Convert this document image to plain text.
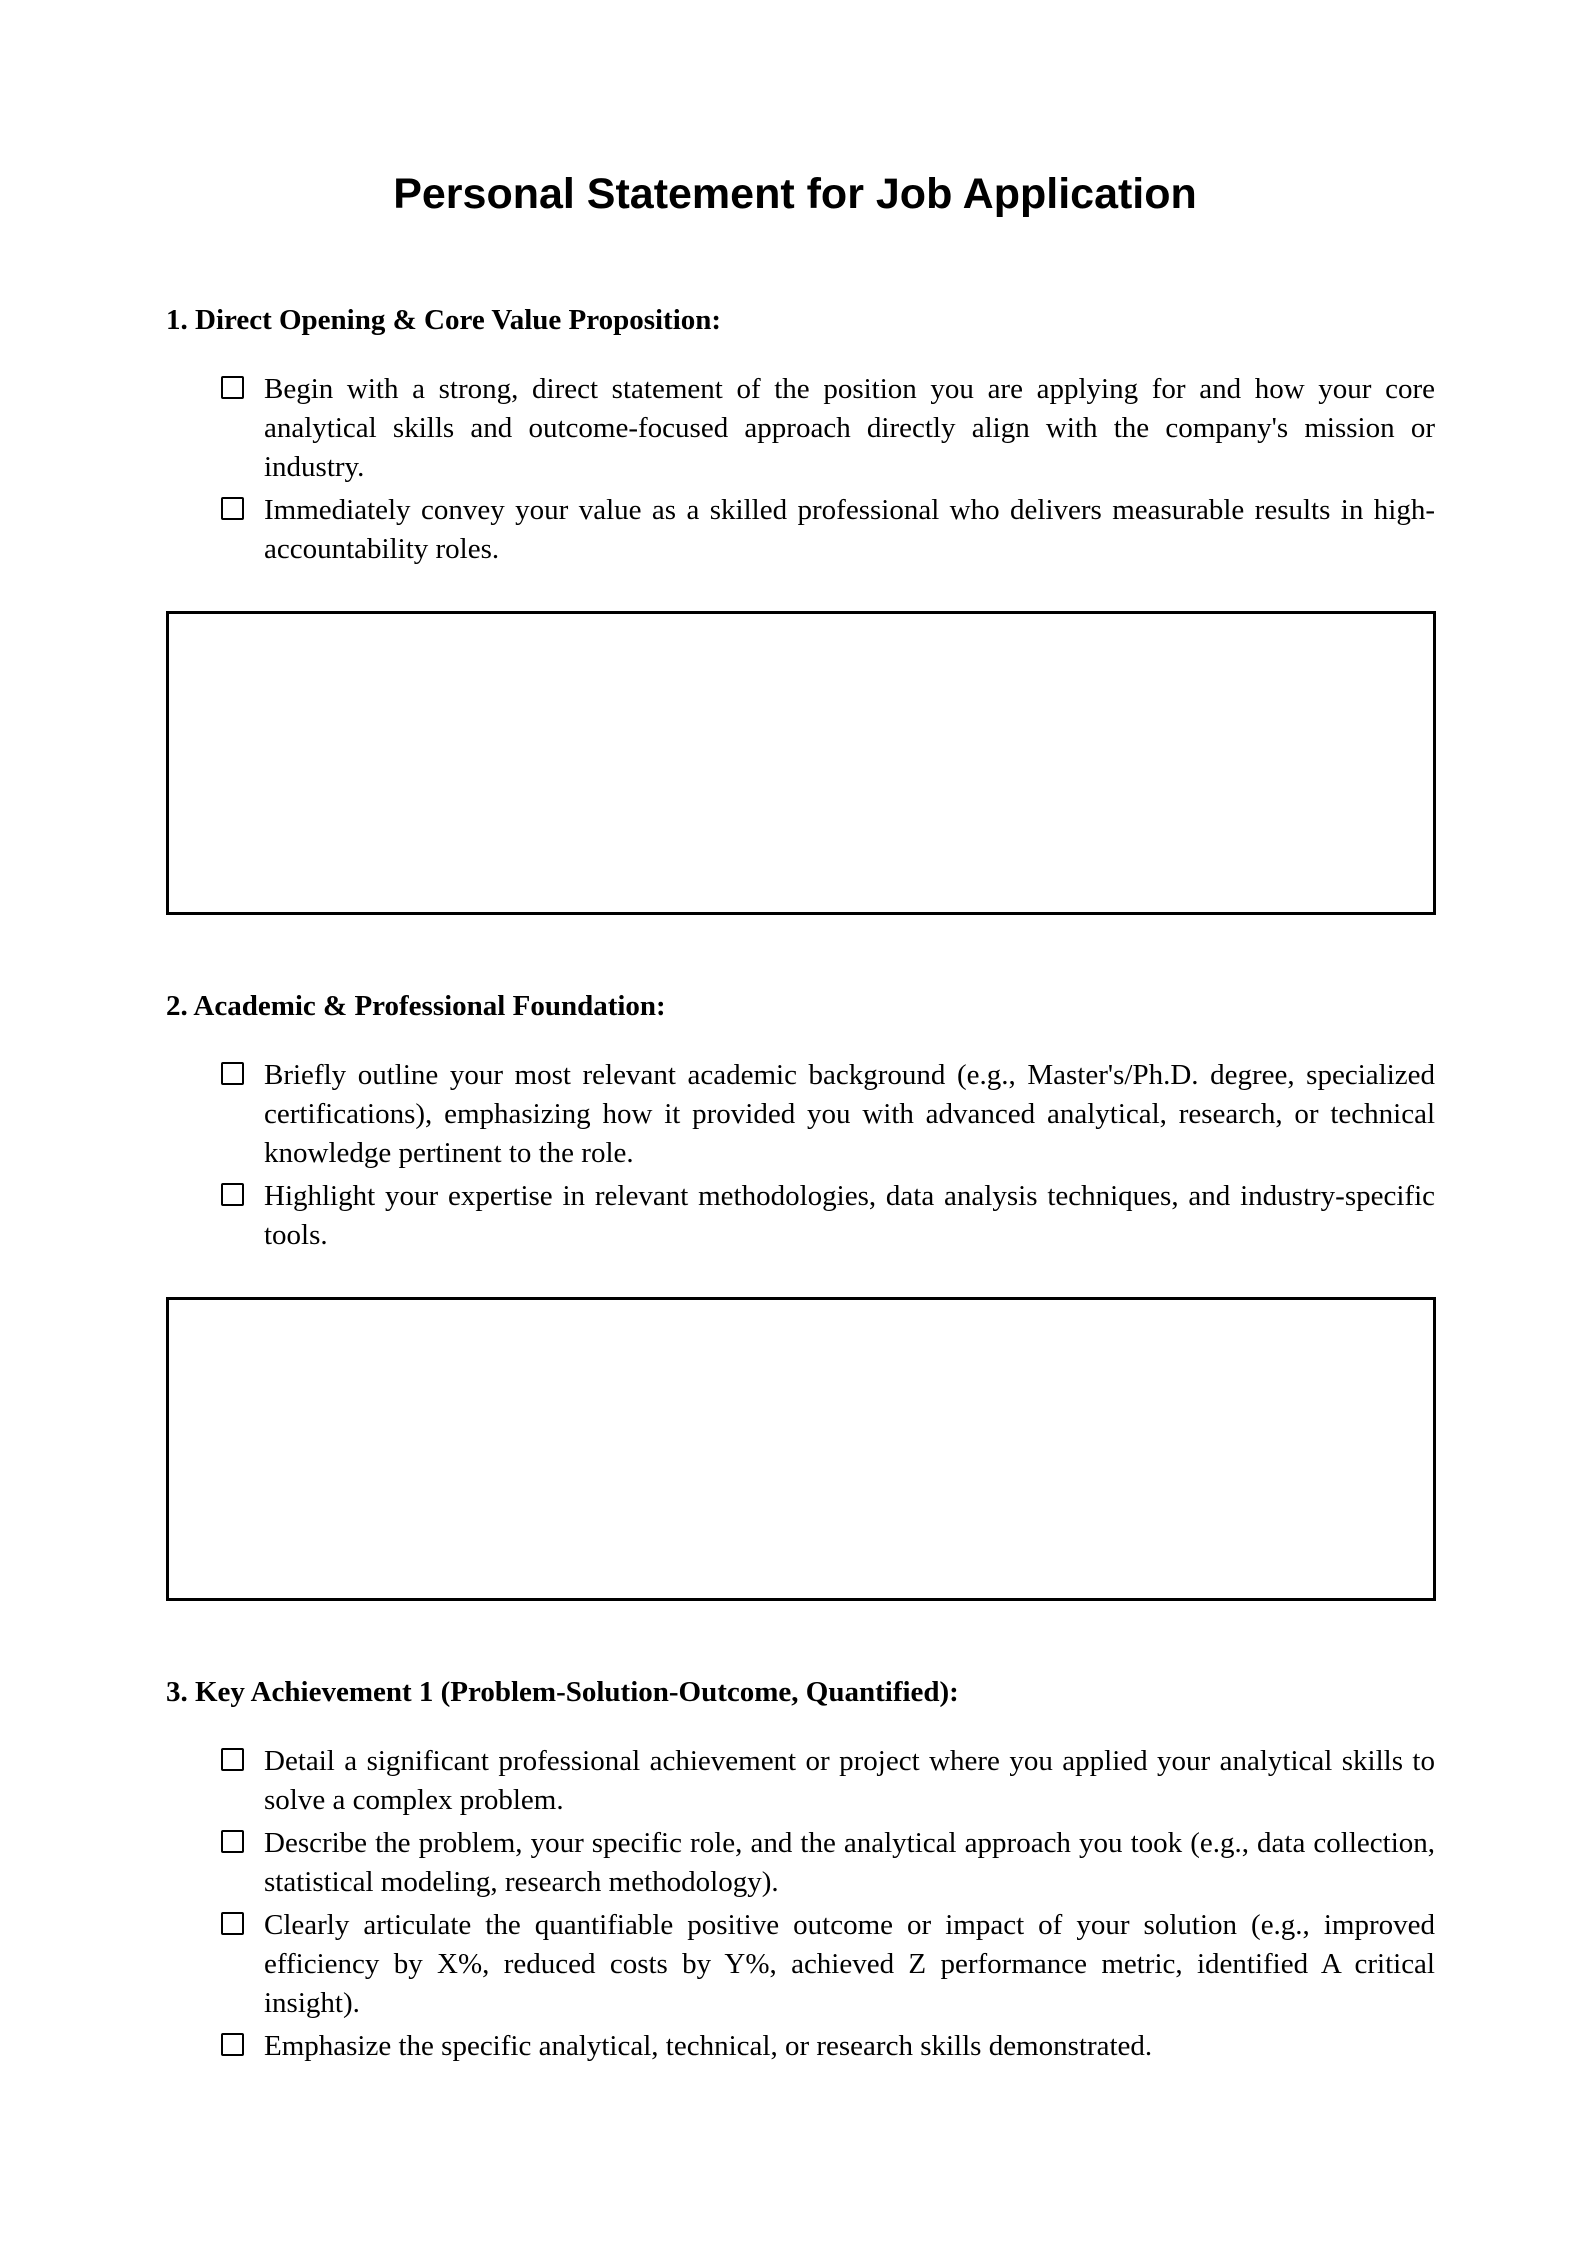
Personal Statement for Job Application
1. Direct Opening & Core Value Proposition:
Begin with a strong, direct statement of the position you are applying for and how your core analytical skills and outcome-focused approach directly align with the company's mission or industry.
Immediately convey your value as a skilled professional who delivers measurable results in high-accountability roles.
2. Academic & Professional Foundation:
Briefly outline your most relevant academic background (e.g., Master's/Ph.D. degree, specialized certifications), emphasizing how it provided you with advanced analytical, research, or technical knowledge pertinent to the role.
Highlight your expertise in relevant methodologies, data analysis techniques, and industry-specific tools.
3. Key Achievement 1 (Problem-Solution-Outcome, Quantified):
Detail a significant professional achievement or project where you applied your analytical skills to solve a complex problem.
Describe the problem, your specific role, and the analytical approach you took (e.g., data collection, statistical modeling, research methodology).
Clearly articulate the quantifiable positive outcome or impact of your solution (e.g., improved efficiency by X%, reduced costs by Y%, achieved Z performance metric, identified A critical insight).
Emphasize the specific analytical, technical, or research skills demonstrated.
